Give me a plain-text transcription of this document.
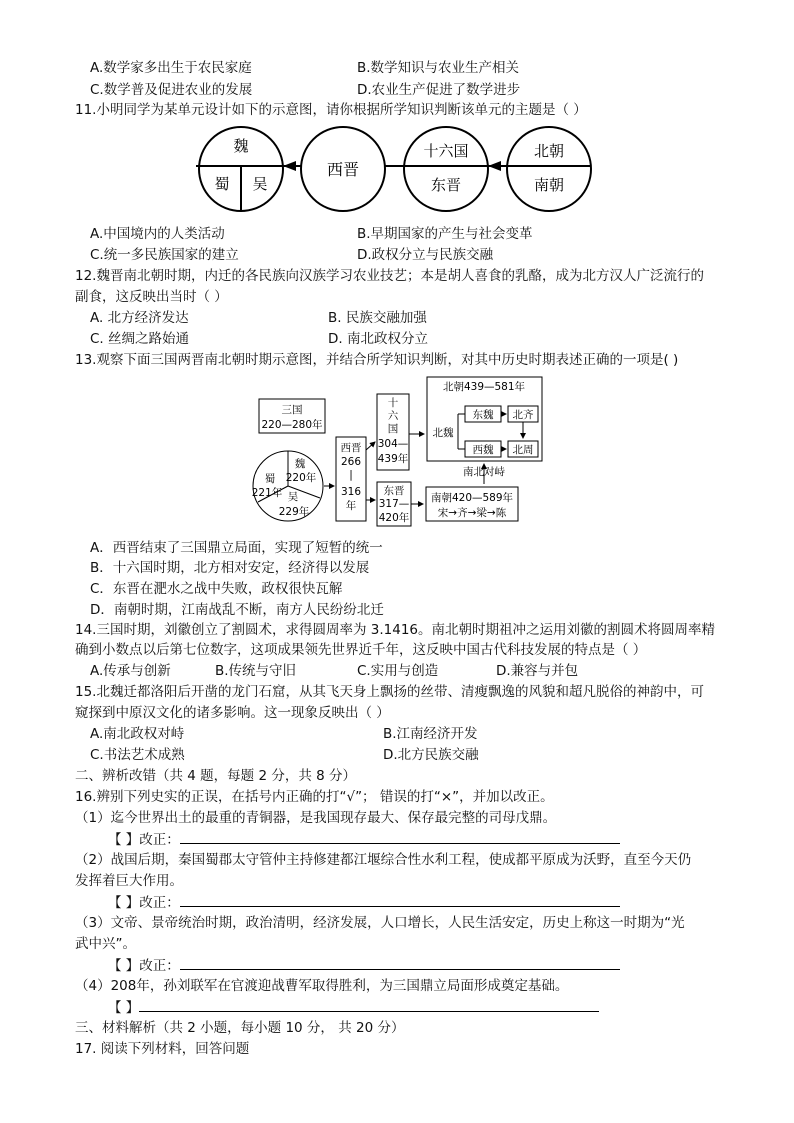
A.数学家多出生于农民家庭	B.数学知识与农业生产相关
C.数学普及促进农业的发展	D.农业生产促进了数学进步
11.小明同学为某单元设计如下的示意图，请你根据所学知识判断该单元的主题是（ ）
魏
蜀 吴
西晋
十六国
东晋
北朝
南朝
A.中国境内的人类活动	B.早期国家的产生与社会变革
C.统一多民族国家的建立	D.政权分立与民族交融
12.魏晋南北朝时期，内迁的各民族向汉族学习农业技艺；本是胡人喜食的乳酪，成为北方汉人广泛流行的
副食，这反映出当时（ ）
A. 北方经济发达	B. 民族交融加强
C. 丝绸之路始通	D. 南北政权分立
13.观察下面三国两晋南北朝时期示意图，并结合所学知识判断，对其中历史时期表述正确的一项是( )
三国
220—280年
魏
220年
蜀
221年 吴
229年
西晋
266
|
316
年
十
六
国
304—
439年
北朝439—581年
北魏
东魏
西魏
北齐
北周
南北对峙
东晋
317—
420年
南朝420—589年
宋→齐→梁→陈
A．西晋结束了三国鼎立局面，实现了短暂的统一
B．十六国时期，北方相对安定，经济得以发展
C．东晋在淝水之战中失败，政权很快瓦解
D．南朝时期，江南战乱不断，南方人民纷纷北迁
14.三国时期，刘徽创立了割圆术，求得圆周率为 3.1416。南北朝时期祖冲之运用刘徽的割圆术将圆周率精
确到小数点以后第七位数字，这项成果领先世界近千年，这反映中国古代科技发展的特点是（ ）
A.传承与创新	B.传统与守旧	C.实用与创造	D.兼容与并包
15.北魏迁都洛阳后开凿的龙门石窟，从其飞天身上飘扬的丝带、清瘦飘逸的风貌和超凡脱俗的神韵中，可
窥探到中原汉文化的诸多影响。这一现象反映出（ ）
A.南北政权对峙	B.江南经济开发
C.书法艺术成熟	D.北方民族交融
二、辨析改错（共 4 题，每题 2 分，共 8 分）
16.辨别下列史实的正误，在括号内正确的打“√”； 错误的打“×”，并加以改正。
（1）迄今世界出土的最重的青铜器，是我国现存最大、保存最完整的司母戊鼎。
【 】改正：
（2）战国后期，秦国蜀郡太守管仲主持修建都江堰综合性水利工程，使成都平原成为沃野，直至今天仍
发挥着巨大作用。
【 】改正：
（3）文帝、景帝统治时期，政治清明，经济发展，人口增长，人民生活安定，历史上称这一时期为“光
武中兴”。
【 】改正：
（4）208年，孙刘联军在官渡迎战曹军取得胜利，为三国鼎立局面形成奠定基础。
【 】
三、材料解析（共 2 小题，每小题 10 分， 共 20 分）
17. 阅读下列材料，回答问题
